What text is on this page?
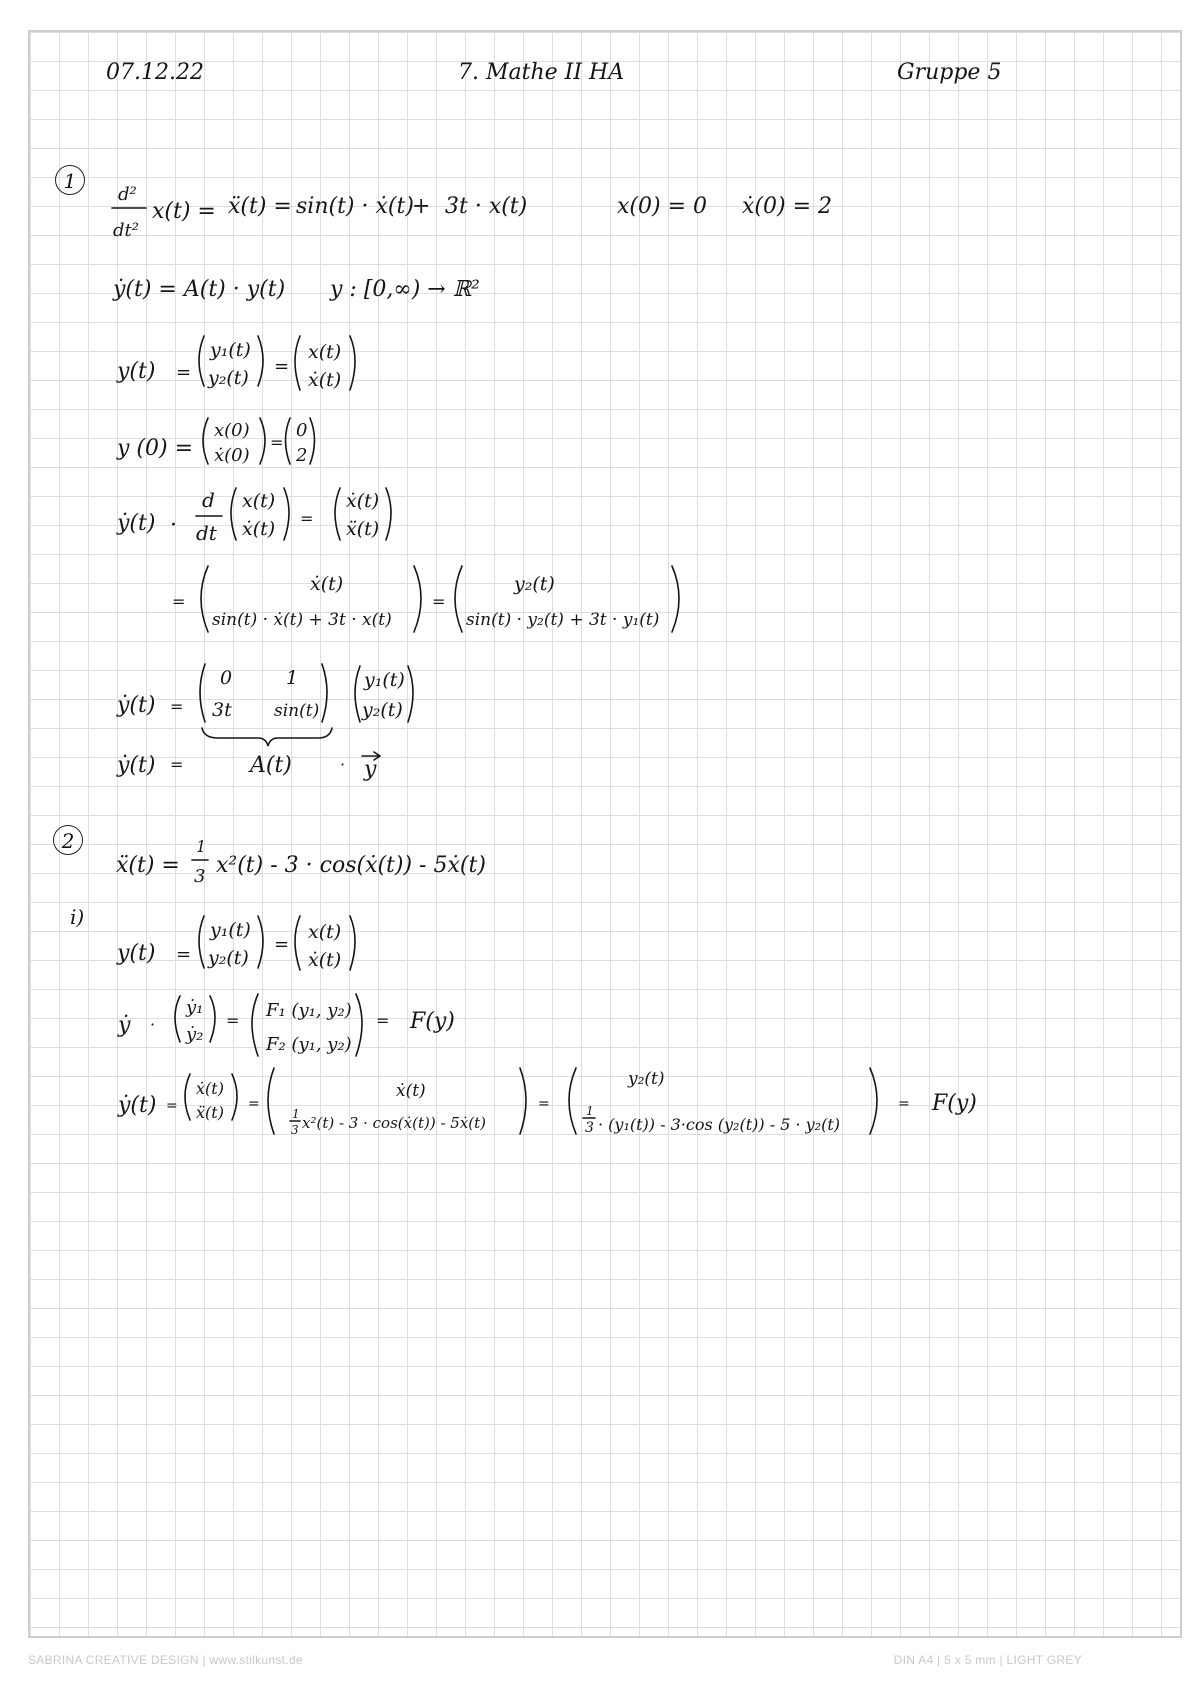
07.12.22	7. Mathe II HA	Gruppe 5
1
2
i)
d²
dt²
x(t) = ẍ(t) = sin(t) · ẋ(t)
+ 3t · x(t)	x(0) = 0 ẋ(0) = 2
ẏ(t) = A(t) · y(t) y : [0,∞) → ℝ²
y(t) =
y₁(t)
y₂(t)
=
x(t)
ẋ(t)
y (0) =
x(0)
ẋ(0)
=
0
2
ẏ(t) ·
d
dt
x(t)
ẋ(t) =
ẋ(t)
ẍ(t)
=
ẋ(t)
sin(t) · ẋ(t) + 3t · x(t)
=
y₂(t)
sin(t) · y₂(t) + 3t · y₁(t)
ẏ(t) =
0	1
3t sin(t)
y₁(t)
y₂(t)
ẏ(t) =	A(t)	· y
ẍ(t) =
1
3 x²(t) - 3 · cos(ẋ(t)) - 5ẋ(t)
y(t) =
y₁(t)
y₂(t)
=
x(t)
ẋ(t)
ẏ ·
ẏ₁
ẏ₂
= F₁ (y₁, y₂)
F₂ (y₁, y₂)
= F(y)
ẏ(t) =
ẋ(t)
ẍ(t) =
ẋ(t)
1
3 x²(t) - 3 · cos(ẋ(t)) - 5ẋ(t)
=
y₂(t)
1
3 · (y₁(t)) - 3·cos (y₂(t)) - 5 · y₂(t)
= F(y)
SABRINA CREATIVE DESIGN | www.stilkunst.de	DIN A4 | 5 x 5 mm | LIGHT GREY
